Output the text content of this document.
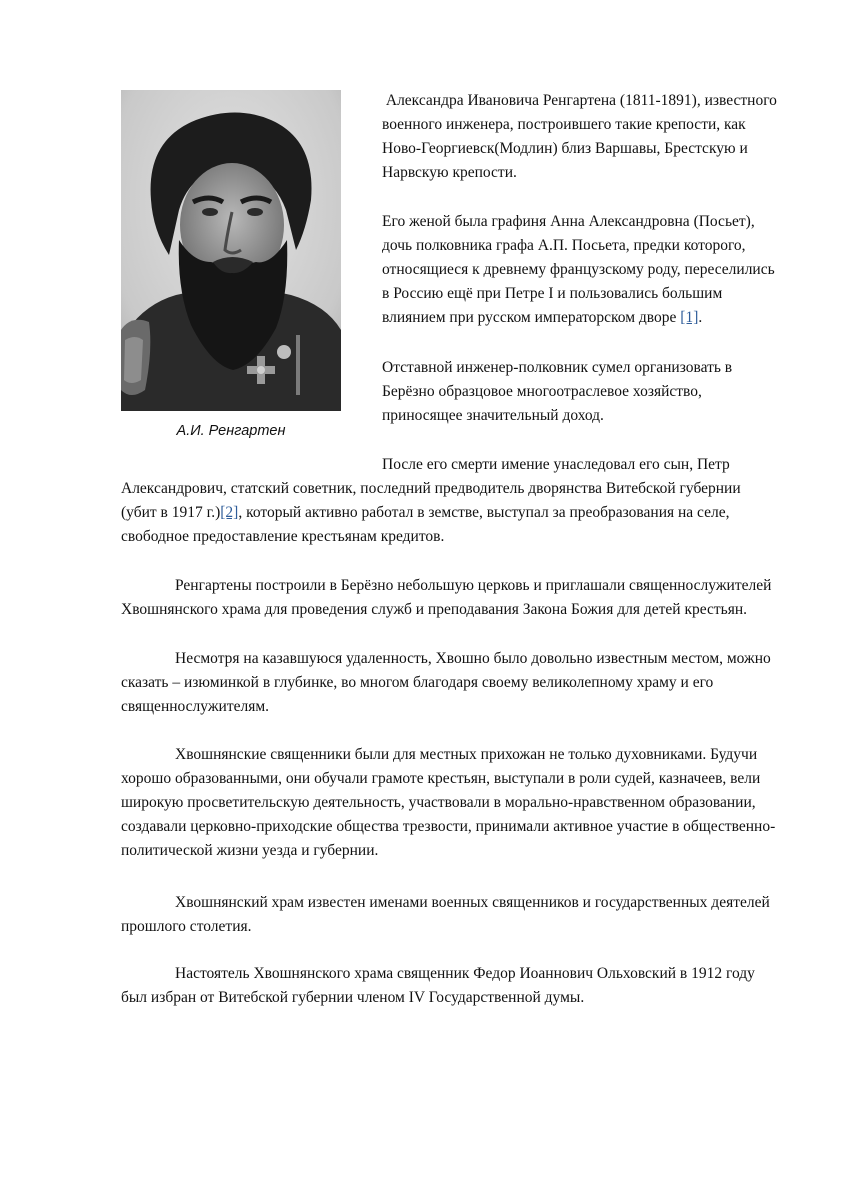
А.И. Ренгартен

Александра Ивановича Ренгартена (1811-1891), известного
военного инженера, построившего такие крепости, как
Ново-Георгиевск(Модлин) близ Варшавы, Брестскую и
Нарвскую крепости.

Его женой была графиня Анна Александровна (Посьет),
дочь полковника графа А.П. Посьета, предки которого,
относящиеся к древнему французскому роду, переселились
в Россию ещё при Петре I и пользовались большим
влиянием при русском императорском дворе [1].

Отставной инженер-полковник сумел организовать в
Берёзно образцовое многоотраслевое хозяйство,
приносящее значительный доход.

После его смерти имение унаследовал его сын, Петр
Александрович, статский советник, последний предводитель дворянства Витебской губернии
(убит в 1917 г.)[2], который активно работал в земстве, выступал за преобразования на селе,
свободное предоставление крестьянам кредитов.

Ренгартены построили в Берёзно небольшую церковь и приглашали священнослужителей
Хвошнянского храма для проведения служб и преподавания Закона Божия для детей крестьян.

Несмотря на казавшуюся удаленность, Хвошно было довольно известным местом, можно
сказать – изюминкой в глубинке, во многом благодаря своему великолепному храму и его
священнослужителям.

Хвошнянские священники были для местных прихожан не только духовниками. Будучи
хорошо образованными, они обучали грамоте крестьян, выступали в роли судей, казначеев, вели
широкую просветительскую деятельность, участвовали в морально-нравственном образовании,
создавали церковно-приходские общества трезвости, принимали активное участие в общественно-
политической жизни уезда и губернии.

Хвошнянский храм известен именами военных священников и государственных деятелей
прошлого столетия.

Настоятель Хвошнянского храма священник Федор Иоаннович Ольховский в 1912 году
был избран от Витебской губернии членом IV Государственной думы.
